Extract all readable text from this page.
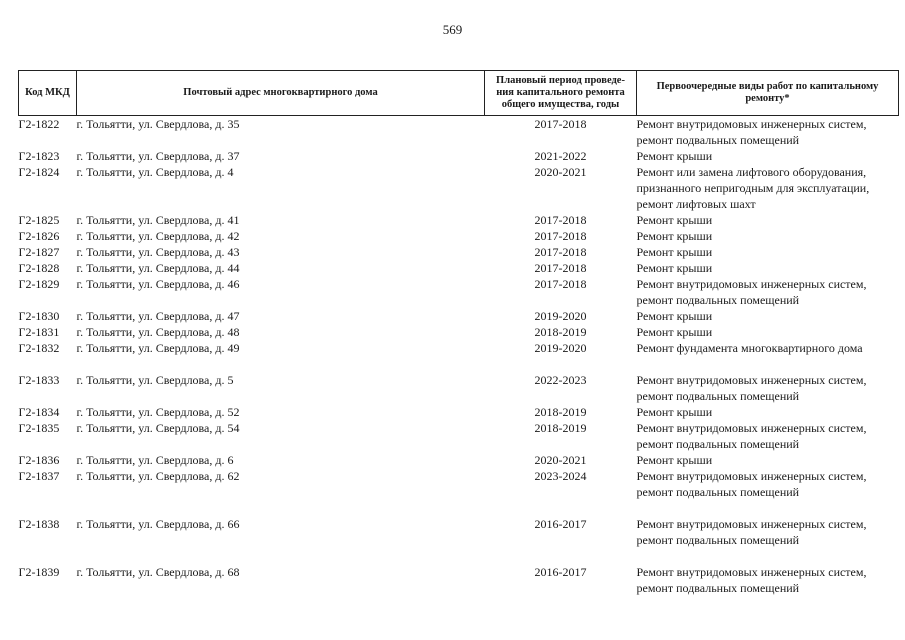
569
Код МКД	Почтовый адрес многоквартирного дома	Плановый период проведе-ния капитального ремонта общего имущества, годы	Первоочередные виды работ по капитальному ремонту*
Г2-1822	г. Тольятти, ул. Свердлова, д. 35	2017-2018	Ремонт внутридомовых инженерных систем,
ремонт подвальных помещений

Г2-1823	г. Тольятти, ул. Свердлова, д. 37	2021-2022	Ремонт крыши

Г2-1824	г. Тольятти, ул. Свердлова, д. 4	2020-2021	Ремонт или замена лифтового оборудования,
признанного непригодным для эксплуатации,
ремонт лифтовых шахт

Г2-1825	г. Тольятти, ул. Свердлова, д. 41	2017-2018	Ремонт крыши

Г2-1826	г. Тольятти, ул. Свердлова, д. 42	2017-2018	Ремонт крыши

Г2-1827	г. Тольятти, ул. Свердлова, д. 43	2017-2018	Ремонт крыши

Г2-1828	г. Тольятти, ул. Свердлова, д. 44	2017-2018	Ремонт крыши

Г2-1829	г. Тольятти, ул. Свердлова, д. 46	2017-2018	Ремонт внутридомовых инженерных систем,
ремонт подвальных помещений

Г2-1830	г. Тольятти, ул. Свердлова, д. 47	2019-2020	Ремонт крыши

Г2-1831	г. Тольятти, ул. Свердлова, д. 48	2018-2019	Ремонт крыши

Г2-1832	г. Тольятти, ул. Свердлова, д. 49	2019-2020	Ремонт фундамента многоквартирного дома

Г2-1833	г. Тольятти, ул. Свердлова, д. 5	2022-2023	Ремонт внутридомовых инженерных систем,
ремонт подвальных помещений

Г2-1834	г. Тольятти, ул. Свердлова, д. 52	2018-2019	Ремонт крыши

Г2-1835	г. Тольятти, ул. Свердлова, д. 54	2018-2019	Ремонт внутридомовых инженерных систем,
ремонт подвальных помещений

Г2-1836	г. Тольятти, ул. Свердлова, д. 6	2020-2021	Ремонт крыши

Г2-1837	г. Тольятти, ул. Свердлова, д. 62	2023-2024	Ремонт внутридомовых инженерных систем,
ремонт подвальных помещений

Г2-1838	г. Тольятти, ул. Свердлова, д. 66	2016-2017	Ремонт внутридомовых инженерных систем,
ремонт подвальных помещений

Г2-1839	г. Тольятти, ул. Свердлова, д. 68	2016-2017	Ремонт внутридомовых инженерных систем,
ремонт подвальных помещений
